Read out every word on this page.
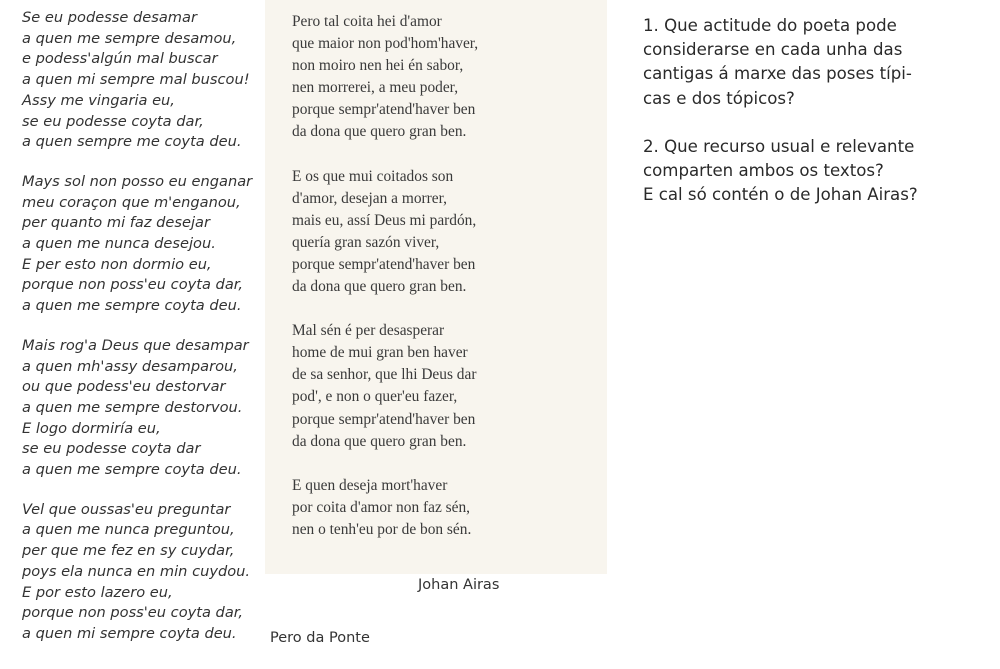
Se eu podesse desamar
a quen me sempre desamou,
e podess'algún mal buscar
a quen mi sempre mal buscou!
Assy me vingaria eu,
se eu podesse coyta dar,
a quen sempre me coyta deu.
Mays sol non posso eu enganar
meu coraçon que m'enganou,
per quanto mi faz desejar
a quen me nunca desejou.
E per esto non dormio eu,
porque non poss'eu coyta dar,
a quen me sempre coyta deu.
Mais rog'a Deus que desampar
a quen mh'assy desamparou,
ou que podess'eu destorvar
a quen me sempre destorvou.
E logo dormiría eu,
se eu podesse coyta dar
a quen me sempre coyta deu.
Vel que oussas'eu preguntar
a quen me nunca preguntou,
per que me fez en sy cuydar,
poys ela nunca en min cuydou.
E por esto lazero eu,
porque non poss'eu coyta dar,
a quen mi sempre coyta deu.
Pero tal coita hei d'amor
que maior non pod'hom'haver,
non moiro nen hei én sabor,
nen morrerei, a meu poder,
porque sempr'atend'haver ben
da dona que quero gran ben.
E os que mui coitados son
d'amor, desejan a morrer,
mais eu, assí Deus mi pardón,
quería gran sazón viver,
porque sempr'atend'haver ben
da dona que quero gran ben.
Mal sén é per desasperar
home de mui gran ben haver
de sa senhor, que lhi Deus dar
pod', e non o quer'eu fazer,
porque sempr'atend'haver ben
da dona que quero gran ben.
E quen deseja mort'haver
por coita d'amor non faz sén,
nen o tenh'eu por de bon sén.
Johan Airas
Pero da Ponte
1. Que actitude do poeta pode
considerarse en cada unha das
cantigas á marxe das poses típi-
cas e dos tópicos?
2. Que recurso usual e relevante
comparten ambos os textos?
E cal só contén o de Johan Airas?
